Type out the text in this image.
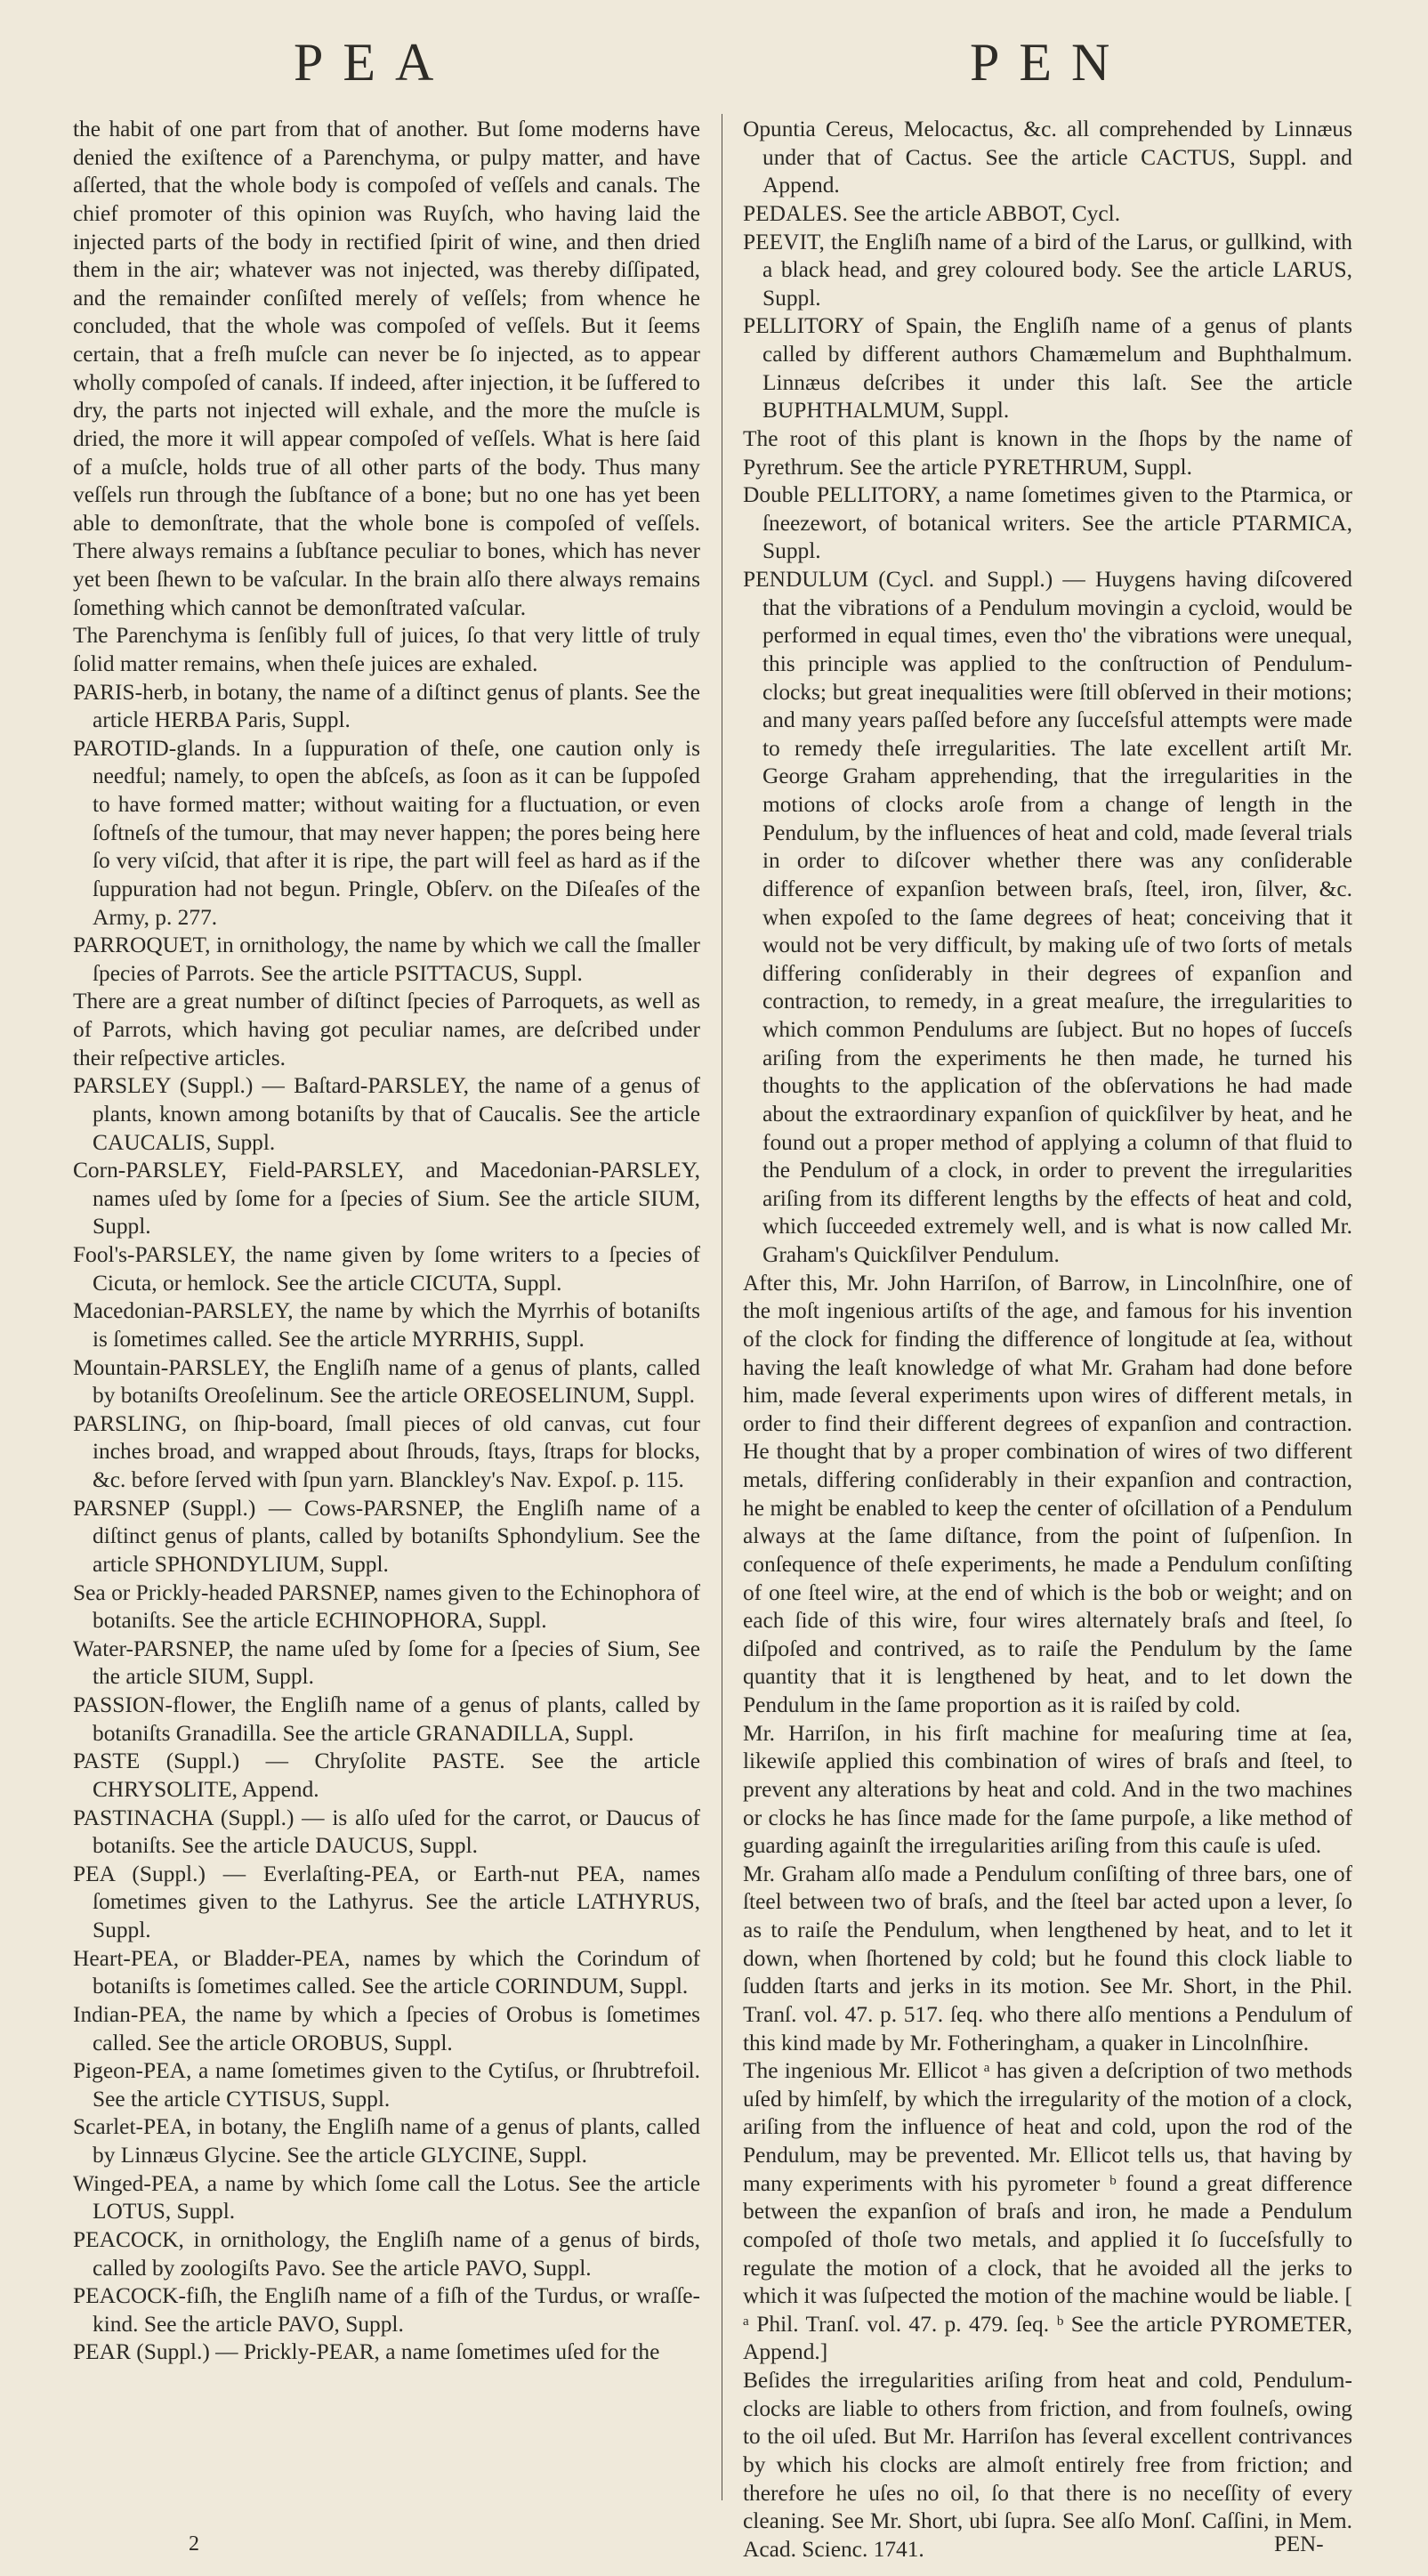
PEA	PEN

the habit of one part from that of another. But ſome moderns have denied the exiſtence of a Parenchyma, or pulpy matter, and have aſſerted, that the whole body is compoſed of veſſels and canals. The chief promoter of this opinion was Ruyſch, who having laid the injected parts of the body in rectified ſpirit of wine, and then dried them in the air; whatever was not injected, was thereby diſſipated, and the remainder conſiſted merely of veſſels; from whence he concluded, that the whole was compoſed of veſſels. But it ſeems certain, that a freſh muſcle can never be ſo injected, as to appear wholly compoſed of canals. If indeed, after injection, it be ſuffered to dry, the parts not injected will exhale, and the more the muſcle is dried, the more it will appear compoſed of veſſels. What is here ſaid of a muſcle, holds true of all other parts of the body. Thus many veſſels run through the ſubſtance of a bone; but no one has yet been able to demonſtrate, that the whole bone is compoſed of veſſels. There always remains a ſubſtance peculiar to bones, which has never yet been ſhewn to be vaſcular. In the brain alſo there always remains ſomething which cannot be demonſtrated vaſcular.

The Parenchyma is ſenſibly full of juices, ſo that very little of truly ſolid matter remains, when theſe juices are exhaled.

PARIS-herb, in botany, the name of a diſtinct genus of plants. See the article HERBA Paris, Suppl.

PAROTID-glands. In a ſuppuration of theſe, one caution only is needful; namely, to open the abſceſs, as ſoon as it can be ſuppoſed to have formed matter; without waiting for a fluctuation, or even ſoftneſs of the tumour, that may never happen; the pores being here ſo very viſcid, that after it is ripe, the part will feel as hard as if the ſuppuration had not begun. Pringle, Obſerv. on the Diſeaſes of the Army, p. 277.

PARROQUET, in ornithology, the name by which we call the ſmaller ſpecies of Parrots. See the article PSITTACUS, Suppl.

There are a great number of diſtinct ſpecies of Parroquets, as well as of Parrots, which having got peculiar names, are deſcribed under their reſpective articles.

PARSLEY (Suppl.) — Baſtard-PARSLEY, the name of a genus of plants, known among botaniſts by that of Caucalis. See the article CAUCALIS, Suppl.

Corn-PARSLEY, Field-PARSLEY, and Macedonian-PARSLEY, names uſed by ſome for a ſpecies of Sium. See the article SIUM, Suppl.

Fool's-PARSLEY, the name given by ſome writers to a ſpecies of Cicuta, or hemlock. See the article CICUTA, Suppl.

Macedonian-PARSLEY, the name by which the Myrrhis of botaniſts is ſometimes called. See the article MYRRHIS, Suppl.

Mountain-PARSLEY, the Engliſh name of a genus of plants, called by botaniſts Oreoſelinum. See the article OREOSELINUM, Suppl.

PARSLING, on ſhip-board, ſmall pieces of old canvas, cut four inches broad, and wrapped about ſhrouds, ſtays, ſtraps for blocks, &c. before ſerved with ſpun yarn. Blanckley's Nav. Expoſ. p. 115.

PARSNEP (Suppl.) — Cows-PARSNEP, the Engliſh name of a diſtinct genus of plants, called by botaniſts Sphondylium. See the article SPHONDYLIUM, Suppl.

Sea or Prickly-headed PARSNEP, names given to the Echinophora of botaniſts. See the article ECHINOPHORA, Suppl.

Water-PARSNEP, the name uſed by ſome for a ſpecies of Sium, See the article SIUM, Suppl.

PASSION-flower, the Engliſh name of a genus of plants, called by botaniſts Granadilla. See the article GRANADILLA, Suppl.

PASTE (Suppl.) — Chryſolite PASTE. See the article CHRYSOLITE, Append.

PASTINACHA (Suppl.) — is alſo uſed for the carrot, or Daucus of botaniſts. See the article DAUCUS, Suppl.

PEA (Suppl.) — Everlaſting-PEA, or Earth-nut PEA, names ſometimes given to the Lathyrus. See the article LATHYRUS, Suppl.

Heart-PEA, or Bladder-PEA, names by which the Corindum of botaniſts is ſometimes called. See the article CORINDUM, Suppl.

Indian-PEA, the name by which a ſpecies of Orobus is ſometimes called. See the article OROBUS, Suppl.

Pigeon-PEA, a name ſometimes given to the Cytiſus, or ſhrubtrefoil. See the article CYTISUS, Suppl.

Scarlet-PEA, in botany, the Engliſh name of a genus of plants, called by Linnæus Glycine. See the article GLYCINE, Suppl.

Winged-PEA, a name by which ſome call the Lotus. See the article LOTUS, Suppl.

PEACOCK, in ornithology, the Engliſh name of a genus of birds, called by zoologiſts Pavo. See the article PAVO, Suppl.

PEACOCK-fiſh, the Engliſh name of a fiſh of the Turdus, or wraſſe-kind. See the article PAVO, Suppl.

PEAR (Suppl.) — Prickly-PEAR, a name ſometimes uſed for the

Opuntia Cereus, Melocactus, &c. all comprehended by Linnæus under that of Cactus. See the article CACTUS, Suppl. and Append.

PEDALES. See the article ABBOT, Cycl.

PEEVIT, the Engliſh name of a bird of the Larus, or gullkind, with a black head, and grey coloured body. See the article LARUS, Suppl.

PELLITORY of Spain, the Engliſh name of a genus of plants called by different authors Chamæmelum and Buphthalmum. Linnæus deſcribes it under this laſt. See the article BUPHTHALMUM, Suppl.

The root of this plant is known in the ſhops by the name of Pyrethrum. See the article PYRETHRUM, Suppl.

Double PELLITORY, a name ſometimes given to the Ptarmica, or ſneezewort, of botanical writers. See the article PTARMICA, Suppl.

PENDULUM (Cycl. and Suppl.) — Huygens having diſcovered that the vibrations of a Pendulum movingin a cycloid, would be performed in equal times, even tho' the vibrations were unequal, this principle was applied to the conſtruction of Pendulum-clocks; but great inequalities were ſtill obſerved in their motions; and many years paſſed before any ſucceſsful attempts were made to remedy theſe irregularities. The late excellent artiſt Mr. George Graham apprehending, that the irregularities in the motions of clocks aroſe from a change of length in the Pendulum, by the influences of heat and cold, made ſeveral trials in order to diſcover whether there was any conſiderable difference of expanſion between braſs, ſteel, iron, ſilver, &c. when expoſed to the ſame degrees of heat; conceiving that it would not be very difficult, by making uſe of two ſorts of metals differing conſiderably in their degrees of expanſion and contraction, to remedy, in a great meaſure, the irregularities to which common Pendulums are ſubject. But no hopes of ſucceſs ariſing from the experiments he then made, he turned his thoughts to the application of the obſervations he had made about the extraordinary expanſion of quickſilver by heat, and he found out a proper method of applying a column of that fluid to the Pendulum of a clock, in order to prevent the irregularities ariſing from its different lengths by the effects of heat and cold, which ſucceeded extremely well, and is what is now called Mr. Graham's Quickſilver Pendulum.

After this, Mr. John Harriſon, of Barrow, in Lincolnſhire, one of the moſt ingenious artiſts of the age, and famous for his invention of the clock for finding the difference of longitude at ſea, without having the leaſt knowledge of what Mr. Graham had done before him, made ſeveral experiments upon wires of different metals, in order to find their different degrees of expanſion and contraction. He thought that by a proper combination of wires of two different metals, differing conſiderably in their expanſion and contraction, he might be enabled to keep the center of oſcillation of a Pendulum always at the ſame diſtance, from the point of ſuſpenſion. In conſequence of theſe experiments, he made a Pendulum conſiſting of one ſteel wire, at the end of which is the bob or weight; and on each ſide of this wire, four wires alternately braſs and ſteel, ſo diſpoſed and contrived, as to raiſe the Pendulum by the ſame quantity that it is lengthened by heat, and to let down the Pendulum in the ſame proportion as it is raiſed by cold.

Mr. Harriſon, in his firſt machine for meaſuring time at ſea, likewiſe applied this combination of wires of braſs and ſteel, to prevent any alterations by heat and cold. And in the two machines or clocks he has ſince made for the ſame purpoſe, a like method of guarding againſt the irregularities ariſing from this cauſe is uſed.

Mr. Graham alſo made a Pendulum conſiſting of three bars, one of ſteel between two of braſs, and the ſteel bar acted upon a lever, ſo as to raiſe the Pendulum, when lengthened by heat, and to let it down, when ſhortened by cold; but he found this clock liable to ſudden ſtarts and jerks in its motion. See Mr. Short, in the Phil. Tranſ. vol. 47. p. 517. ſeq. who there alſo mentions a Pendulum of this kind made by Mr. Fotheringham, a quaker in Lincolnſhire.

The ingenious Mr. Ellicot ᵃ has given a deſcription of two methods uſed by himſelf, by which the irregularity of the motion of a clock, ariſing from the influence of heat and cold, upon the rod of the Pendulum, may be prevented. Mr. Ellicot tells us, that having by many experiments with his pyrometer ᵇ found a great difference between the expanſion of braſs and iron, he made a Pendulum compoſed of thoſe two metals, and applied it ſo ſucceſsfully to regulate the motion of a clock, that he avoided all the jerks to which it was ſuſpected the motion of the machine would be liable. [ ᵃ Phil. Tranſ. vol. 47. p. 479. ſeq. ᵇ See the article PYROMETER, Append.]

Beſides the irregularities ariſing from heat and cold, Pendulum-clocks are liable to others from friction, and from foulneſs, owing to the oil uſed. But Mr. Harriſon has ſeveral excellent contrivances by which his clocks are almoſt entirely free from friction; and therefore he uſes no oil, ſo that there is no neceſſity of every cleaning. See Mr. Short, ubi ſupra. See alſo Monſ. Caſſini, in Mem. Acad. Scienc. 1741.

2	PEN-
